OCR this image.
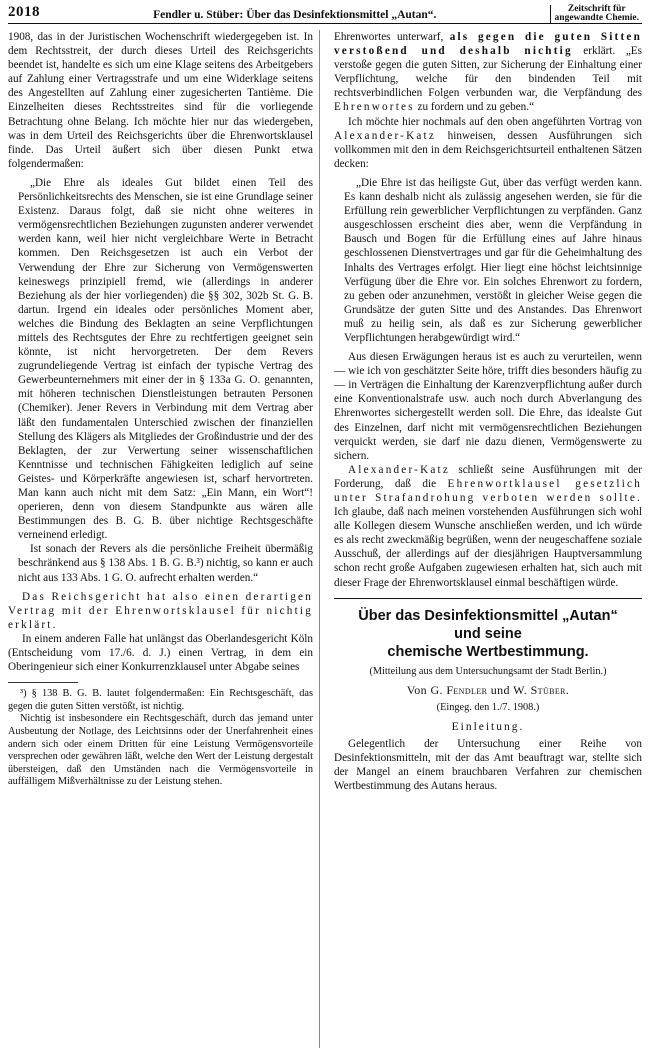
2018	Fendler u. Stüber: Über das Desinfektionsmittel „Autan“.	Zeitschrift für
angewandte Chemie.

1908, das in der Juristischen Wochenschrift wiedergegeben ist. In dem Rechtsstreit, der durch dieses Urteil des Reichsgerichts beendet ist, handelte es sich um eine Klage seitens des Arbeitgebers auf Zahlung einer Vertragsstrafe und um eine Widerklage seitens des Angestellten auf Zahlung einer zugesicherten Tantième. Die Einzelheiten dieses Rechtsstreites sind für die vorliegende Betrachtung ohne Belang. Ich möchte hier nur das wiedergeben, was in dem Urteil des Reichsgerichts über die Ehrenwortsklausel finde. Das Urteil äußert sich über diesen Punkt etwa folgendermaßen:

„Die Ehre als ideales Gut bildet einen Teil des Persönlichkeitsrechts des Menschen, sie ist eine Grundlage seiner Existenz. Daraus folgt, daß sie nicht ohne weiteres in vermögensrechtlichen Beziehungen zugunsten anderer verwendet werden kann, weil hier nicht vergleichbare Werte in Betracht kommen. Den Reichsgesetzen ist auch ein Verbot der Verwendung der Ehre zur Sicherung von Vermögenswerten keineswegs prinzipiell fremd, wie (allerdings in anderer Beziehung als der hier vorliegenden) die §§ 302, 302b St. G. B. dartun. Irgend ein ideales oder persönliches Moment aber, welches die Bindung des Beklagten an seine Verpflichtungen mittels des Rechtsgutes der Ehre zu rechtfertigen geeignet sein könnte, ist nicht hervorgetreten. Der dem Revers zugrundeliegende Vertrag ist einfach der typische Vertrag des Gewerbeunternehmers mit einer der in § 133a G. O. genannten, mit höheren technischen Dienstleistungen betrauten Personen (Chemiker). Jener Revers in Verbindung mit dem Vertrag aber läßt den fundamentalen Unterschied zwischen der finanziellen Stellung des Klägers als Mitgliedes der Großindustrie und der des Beklagten, der zur Verwertung seiner wissenschaftlichen Kenntnisse und technischen Fähigkeiten lediglich auf seine Geistes- und Körperkräfte angewiesen ist, scharf hervortreten. Man kann auch nicht mit dem Satz: „Ein Mann, ein Wort“! operieren, denn von diesem Standpunkte aus wären alle Bestimmungen des B. G. B. über nichtige Rechtsgeschäfte verneinend erledigt.

Ist sonach der Revers als die persönliche Freiheit übermäßig beschränkend aus § 138 Abs. 1 B. G. B.³) nichtig, so kann er auch nicht aus 133 Abs. 1 G. O. aufrecht erhalten werden.“

Das Reichsgericht hat also einen derartigen Vertrag mit der Ehrenwortsklausel für nichtig erklärt.

In einem anderen Falle hat unlängst das Oberlandesgericht Köln (Entscheidung vom 17./6. d. J.) einen Vertrag, in dem ein Oberingenieur sich einer Konkurrenzklausel unter Abgabe seines

³) § 138 B. G. B. lautet folgendermaßen: Ein Rechtsgeschäft, das gegen die guten Sitten verstößt, ist nichtig.

Nichtig ist insbesondere ein Rechtsgeschäft, durch das jemand unter Ausbeutung der Notlage, des Leichtsinns oder der Unerfahrenheit eines andern sich oder einem Dritten für eine Leistung Vermögensvorteile versprechen oder gewähren läßt, welche den Wert der Leistung dergestalt übersteigen, daß den Umständen nach die Vermögensvorteile in auffälligem Mißverhältnisse zu der Leistung stehen.

Ehrenwortes unterwarf, als gegen die guten Sitten verstoßend und deshalb nichtig erklärt. „Es verstoße gegen die guten Sitten, zur Sicherung der Einhaltung einer Verpflichtung, welche für den bindenden Teil mit rechtsverbindlichen Folgen verbunden war, die Verpfändung des Ehrenwortes zu fordern und zu geben.“

Ich möchte hier nochmals auf den oben angeführten Vortrag von Alexander-Katz hinweisen, dessen Ausführungen sich vollkommen mit den in dem Reichsgerichtsurteil enthaltenen Sätzen decken:

„Die Ehre ist das heiligste Gut, über das verfügt werden kann. Es kann deshalb nicht als zulässig angesehen werden, sie für die Erfüllung rein gewerblicher Verpflichtungen zu verpfänden. Ganz ausgeschlossen erscheint dies aber, wenn die Verpfändung in Bausch und Bogen für die Erfüllung eines auf Jahre hinaus geschlossenen Dienstvertrages und gar für die Geheimhaltung des Inhalts des Vertrages erfolgt. Hier liegt eine höchst leichtsinnige Verfügung über die Ehre vor. Ein solches Ehrenwort zu fordern, zu geben oder anzunehmen, verstößt in gleicher Weise gegen die Grundsätze der guten Sitte und des Anstandes. Das Ehrenwort muß zu heilig sein, als daß es zur Sicherung gewerblicher Verpflichtungen herabgewürdigt wird.“

Aus diesen Erwägungen heraus ist es auch zu verurteilen, wenn — wie ich von geschätzter Seite höre, trifft dies besonders häufig zu — in Verträgen die Einhaltung der Karenzverpflichtung außer durch eine Konventionalstrafe usw. auch noch durch Abverlangung des Ehrenwortes sichergestellt werden soll. Die Ehre, das idealste Gut des Einzelnen, darf nicht mit vermögensrechtlichen Beziehungen verquickt werden, sie darf nie dazu dienen, Vermögenswerte zu sichern.

Alexander-Katz schließt seine Ausführungen mit der Forderung, daß die Ehrenwortklausel gesetzlich unter Strafandrohung verboten werden sollte. Ich glaube, daß nach meinen vorstehenden Ausführungen sich wohl alle Kollegen diesem Wunsche anschließen werden, und ich würde es als recht zweckmäßig begrüßen, wenn der neugeschaffene soziale Ausschuß, der allerdings auf der diesjährigen Hauptversammlung schon recht große Aufgaben zugewiesen erhalten hat, sich auch mit dieser Frage der Ehrenwortsklausel einmal beschäftigen würde.

Über das Desinfektionsmittel „Autan“
und seine
chemische Wertbestimmung.
(Mitteilung aus dem Untersuchungsamt der Stadt Berlin.)
Von G. Fendler und W. Stüber.
(Eingeg. den 1./7. 1908.)
Einleitung.

Gelegentlich der Untersuchung einer Reihe von Desinfektionsmitteln, mit der das Amt beauftragt war, stellte sich der Mangel an einem brauchbaren Verfahren zur chemischen Wertbestimmung des Autans heraus.
